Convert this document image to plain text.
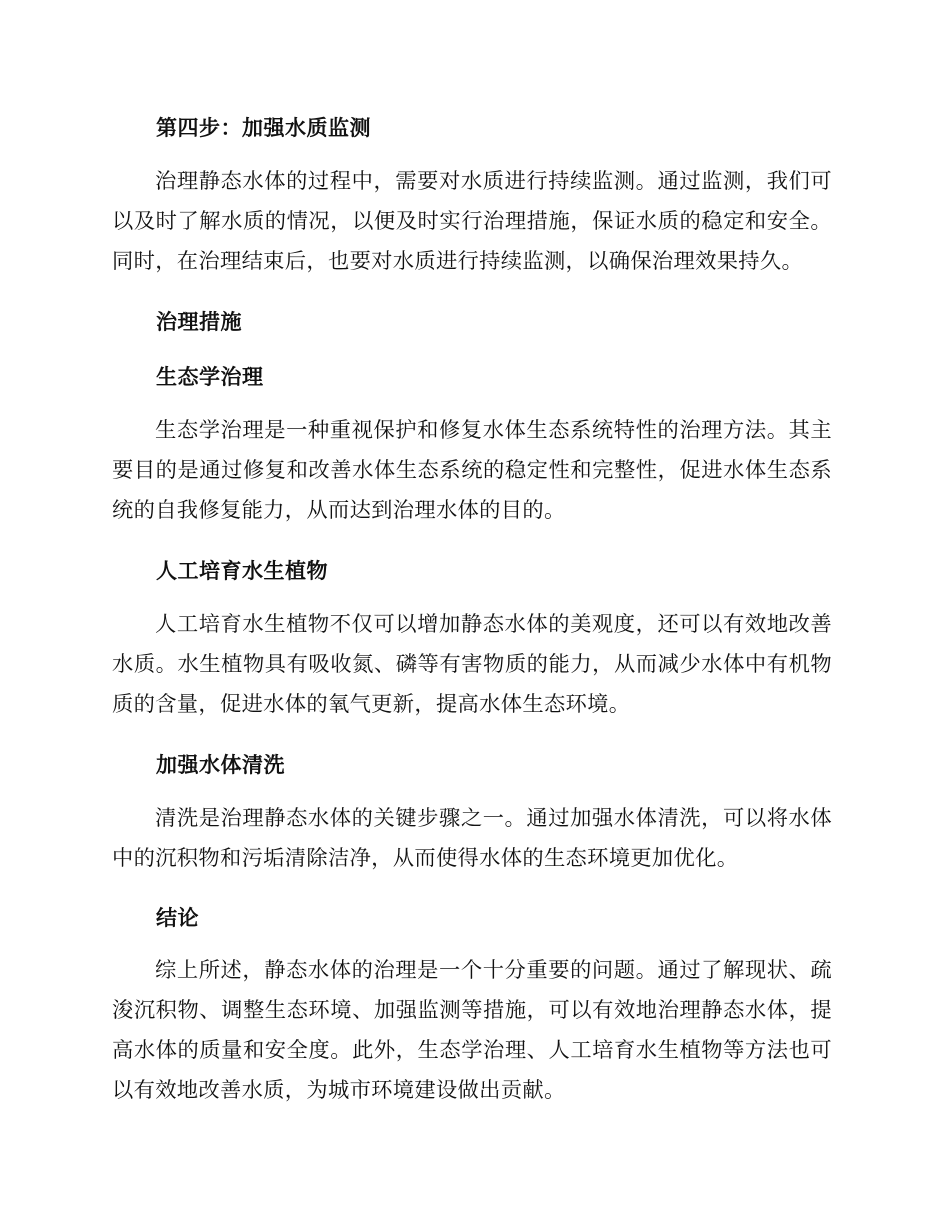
第四步：加强水质监测

治理静态水体的过程中，需要对水质进行持续监测。通过监测，我们可以及时了解水质的情况，以便及时实行治理措施，保证水质的稳定和安全。同时，在治理结束后，也要对水质进行持续监测，以确保治理效果持久。

治理措施
生态学治理

生态学治理是一种重视保护和修复水体生态系统特性的治理方法。其主要目的是通过修复和改善水体生态系统的稳定性和完整性，促进水体生态系统的自我修复能力，从而达到治理水体的目的。

人工培育水生植物

人工培育水生植物不仅可以增加静态水体的美观度，还可以有效地改善水质。水生植物具有吸收氮、磷等有害物质的能力，从而减少水体中有机物质的含量，促进水体的氧气更新，提高水体生态环境。

加强水体清洗

清洗是治理静态水体的关键步骤之一。通过加强水体清洗，可以将水体中的沉积物和污垢清除洁净，从而使得水体的生态环境更加优化。

结论

综上所述，静态水体的治理是一个十分重要的问题。通过了解现状、疏浚沉积物、调整生态环境、加强监测等措施，可以有效地治理静态水体，提高水体的质量和安全度。此外，生态学治理、人工培育水生植物等方法也可以有效地改善水质，为城市环境建设做出贡献。
